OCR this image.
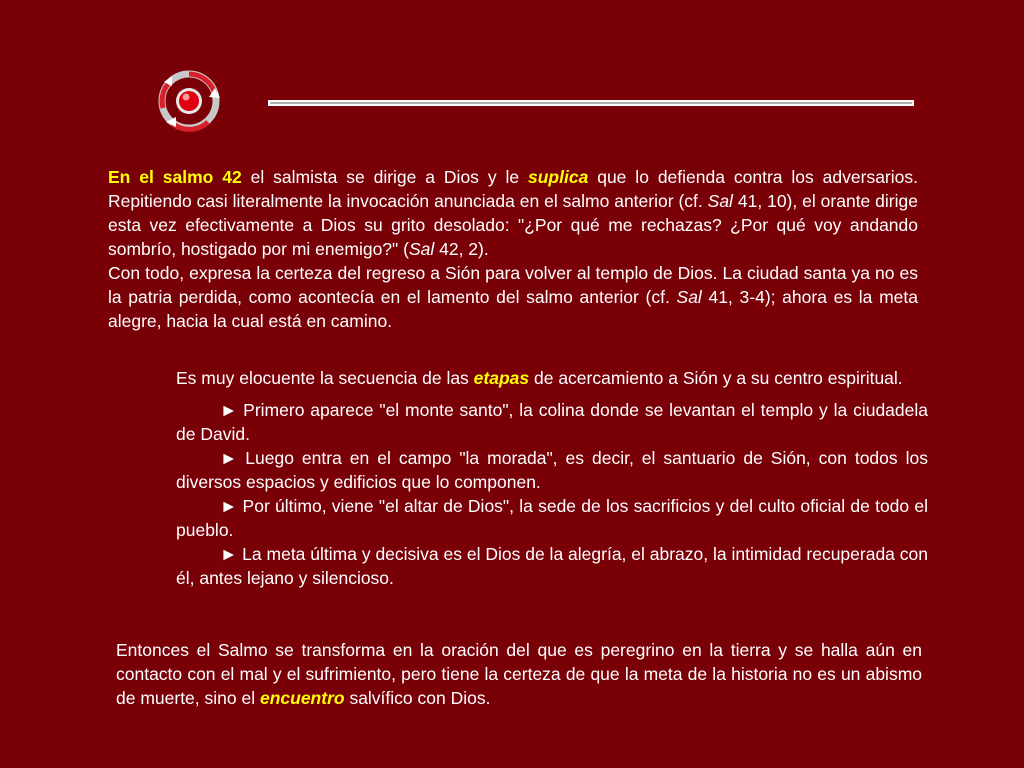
En el salmo 42 el salmista se dirige a Dios y le suplica que lo defienda contra los adversarios. Repitiendo casi literalmente la invocación anunciada en el salmo anterior (cf. Sal 41, 10), el orante dirige esta vez efectivamente a Dios su grito desolado: "¿Por qué me rechazas? ¿Por qué voy andando sombrío, hostigado por mi enemigo?" (Sal 42, 2).
Con todo, expresa la certeza del regreso a Sión para volver al templo de Dios. La ciudad santa ya no es la patria perdida, como acontecía en el lamento del salmo anterior (cf. Sal 41, 3-4); ahora es la meta alegre, hacia la cual está en camino.

Es muy elocuente la secuencia de las etapas de acercamiento a Sión y a su centro espiritual.

► Primero aparece "el monte santo", la colina donde se levantan el templo y la ciudadela de David.

► Luego entra en el campo "la morada", es decir, el santuario de Sión, con todos los diversos espacios y edificios que lo componen.

► Por último, viene "el altar de Dios", la sede de los sacrificios y del culto oficial de todo el pueblo.

► La meta última y decisiva es el Dios de la alegría, el abrazo, la intimidad recuperada con él, antes lejano y silencioso.

Entonces el Salmo se transforma en la oración del que es peregrino en la tierra y se halla aún en contacto con el mal y el sufrimiento, pero tiene la certeza de que la meta de la historia no es un abismo de muerte, sino el encuentro salvífico con Dios.
